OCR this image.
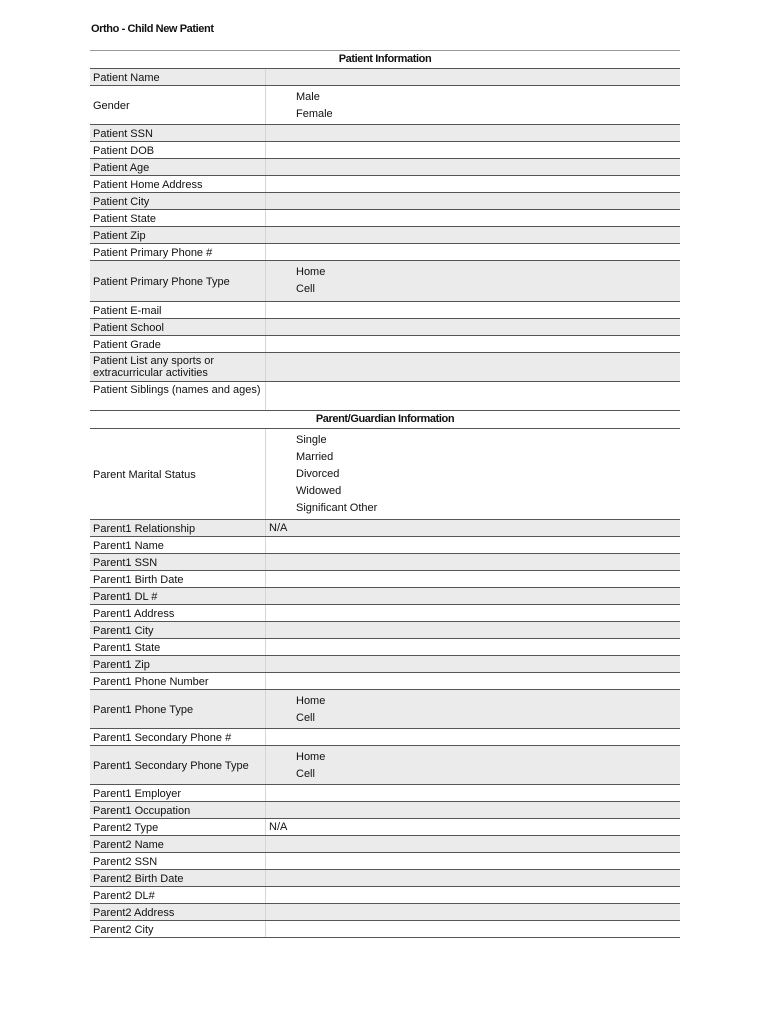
Ortho - Child New Patient
Patient Information
Patient Name
Gender
Male
Female
Patient SSN
Patient DOB
Patient Age
Patient Home Address
Patient City
Patient State
Patient Zip
Patient Primary Phone #
Patient Primary Phone Type
Home
Cell
Patient E-mail
Patient School
Patient Grade
Patient List any sports or extracurricular activities
Patient Siblings (names and ages)
Parent/Guardian Information
Parent Marital Status
Single
Married
Divorced
Widowed
Significant Other
Parent1 Relationship	N/A
Parent1 Name
Parent1 SSN
Parent1 Birth Date
Parent1 DL #
Parent1 Address
Parent1 City
Parent1 State
Parent1 Zip
Parent1 Phone Number
Parent1 Phone Type
Home
Cell
Parent1 Secondary Phone #
Parent1 Secondary Phone Type
Home
Cell
Parent1 Employer
Parent1 Occupation
Parent2 Type	N/A
Parent2 Name
Parent2 SSN
Parent2 Birth Date
Parent2 DL#
Parent2 Address
Parent2 City
